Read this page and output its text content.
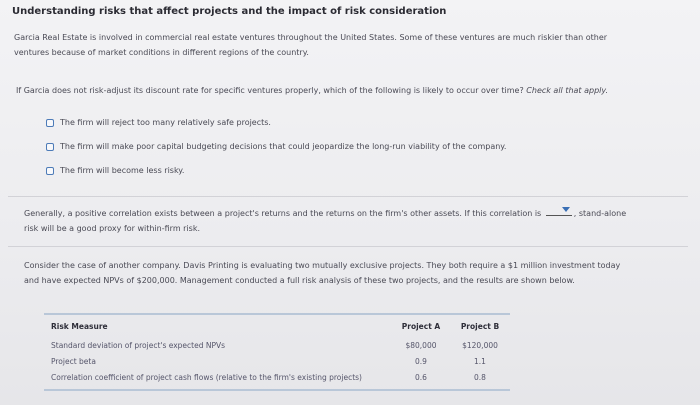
Understanding risks that affect projects and the impact of risk consideration
Garcia Real Estate is involved in commercial real estate ventures throughout the United States. Some of these ventures are much riskier than other
ventures because of market conditions in different regions of the country.
If Garcia does not risk-adjust its discount rate for specific ventures properly, which of the following is likely to occur over time? Check all that apply.
The firm will reject too many relatively safe projects.
The firm will make poor capital budgeting decisions that could jeopardize the long-run viability of the company.
The firm will become less risky.
Generally, a positive correlation exists between a project's returns and the returns on the firm's other assets. If this correlation is	, stand-alone
risk will be a good proxy for within-firm risk.
Consider the case of another company. Davis Printing is evaluating two mutually exclusive projects. They both require a $1 million investment today
and have expected NPVs of $200,000. Management conducted a full risk analysis of these two projects, and the results are shown below.
Risk Measure	Project A	Project B
Standard deviation of project's expected NPVs	$80,000	$120,000
Project beta	0.9	1.1
Correlation coefficient of project cash flows (relative to the firm's existing projects)	0.6	0.8
